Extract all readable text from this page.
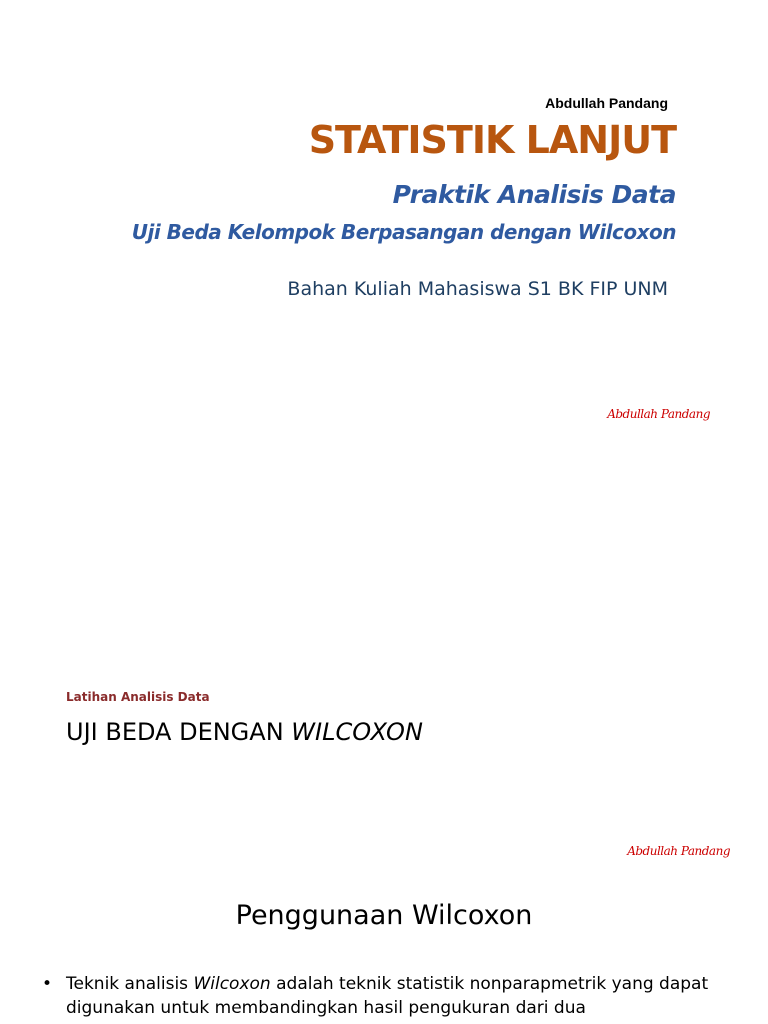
Abdullah Pandang
STATISTIK LANJUT
Praktik Analisis Data
Uji Beda Kelompok Berpasangan dengan Wilcoxon
Bahan Kuliah Mahasiswa S1 BK FIP UNM
Abdullah Pandang
Latihan Analisis Data
UJI BEDA DENGAN WILCOXON
Abdullah Pandang
Penggunaan Wilcoxon
• Teknik analisis Wilcoxon adalah teknik statistik nonparapmetrik yang dapat digunakan untuk membandingkan hasil pengukuran dari dua
